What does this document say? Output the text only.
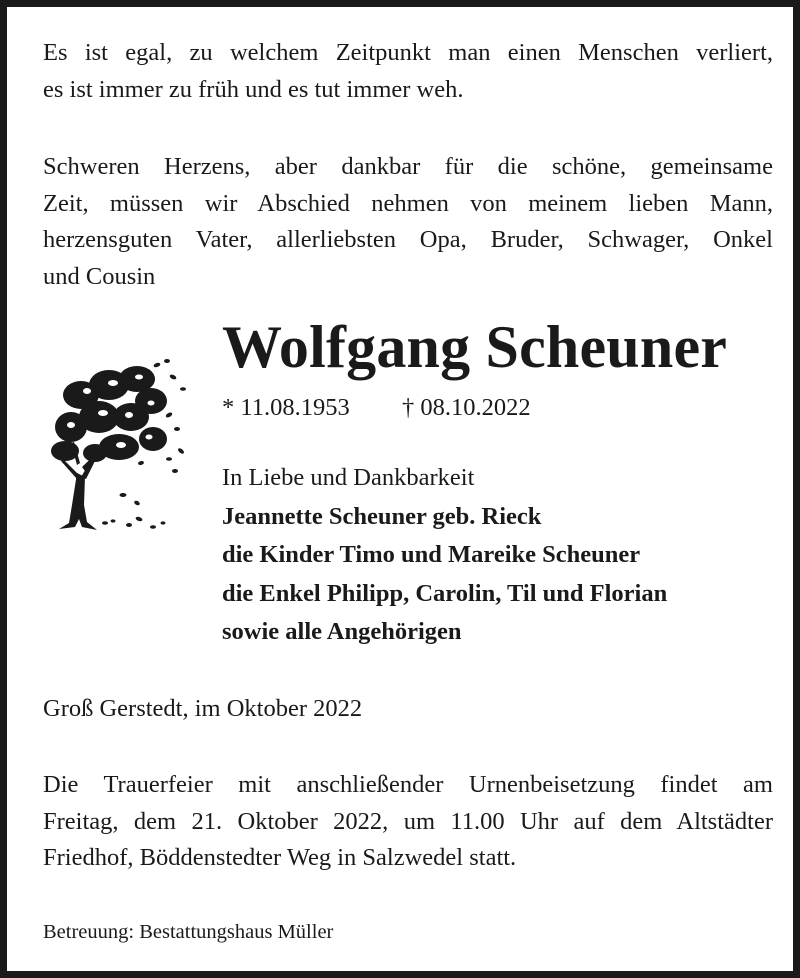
Es ist egal, zu welchem Zeitpunkt man einen Menschen verliert,
es ist immer zu früh und es tut immer weh.
Schweren Herzens, aber dankbar für die schöne, gemeinsame
Zeit, müssen wir Abschied nehmen von meinem lieben Mann,
herzensguten Vater, allerliebsten Opa, Bruder, Schwager, Onkel
und Cousin
Wolfgang Scheuner
* 11.08.1953 † 08.10.2022
In Liebe und Dankbarkeit
Jeannette Scheuner geb. Rieck
die Kinder Timo und Mareike Scheuner
die Enkel Philipp, Carolin, Til und Florian
sowie alle Angehörigen
Groß Gerstedt, im Oktober 2022
Die Trauerfeier mit anschließender Urnenbeisetzung findet am
Freitag, dem 21. Oktober 2022, um 11.00 Uhr auf dem Altstädter
Friedhof, Böddenstedter Weg in Salzwedel statt.
Betreuung: Bestattungshaus Müller
